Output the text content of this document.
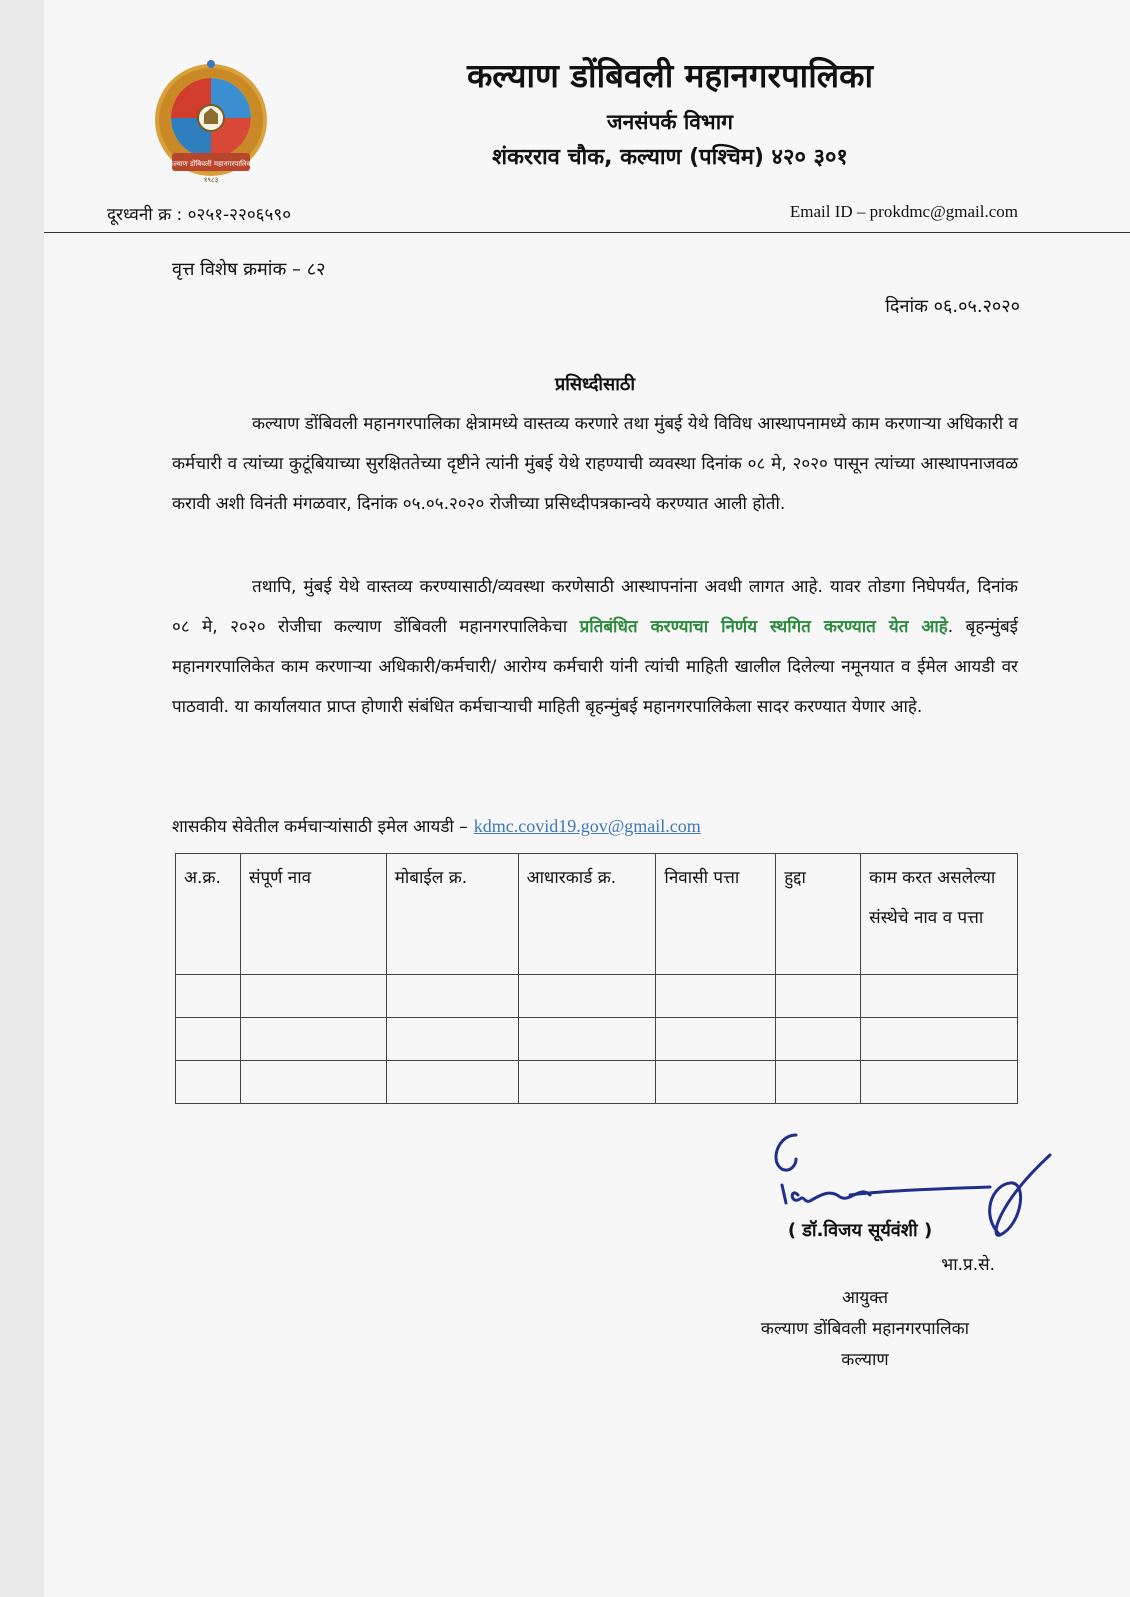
कल्याण डोंबिवली महानगरपालिका
१९८३
कल्याण डोंबिवली महानगरपालिका
जनसंपर्क विभाग
शंकरराव चौक, कल्याण (पश्चिम) ४२० ३०१
दूरध्वनी क्र : ०२५१-२२०६५९०	Email ID – prokdmc@gmail.com
वृत्त विशेष क्रमांक – ८२
दिनांक ०६.०५.२०२०
प्रसिध्दीसाठी
कल्याण डोंबिवली महानगरपालिका क्षेत्रामध्ये वास्तव्य करणारे तथा मुंबई येथे विविध आस्थापनामध्ये काम करणाऱ्या अधिकारी व कर्मचारी व त्यांच्या कुटूंबियाच्या सुरक्षिततेच्या दृष्टीने त्यांनी मुंबई येथे राहण्याची व्यवस्था दिनांक ०८ मे, २०२० पासून त्यांच्या आस्थापनाजवळ करावी अशी विनंती मंगळवार, दिनांक ०५.०५.२०२० रोजीच्या प्रसिध्दीपत्रकान्वये करण्यात आली होती.
तथापि, मुंबई येथे वास्तव्य करण्यासाठी/व्यवस्था करणेसाठी आस्थापनांना अवधी लागत आहे. यावर तोडगा निघेपर्यंत, दिनांक ०८ मे, २०२० रोजीचा कल्याण डोंबिवली महानगरपालिकेचा प्रतिबंधित करण्याचा निर्णय स्थगित करण्यात येत आहे. बृहन्मुंबई महानगरपालिकेत काम करणाऱ्या अधिकारी/कर्मचारी/ आरोग्य कर्मचारी यांनी त्यांची माहिती खालील दिलेल्या नमूनयात व ईमेल आयडी वर पाठवावी. या कार्यालयात प्राप्त होणारी संबंधित कर्मचाऱ्याची माहिती बृहन्मुंबई महानगरपालिकेला सादर करण्यात येणार आहे.
शासकीय सेवेतील कर्मचाऱ्यांसाठी इमेल आयडी – kdmc.covid19.gov@gmail.com
अ.क्र.	संपूर्ण नाव	मोबाईल क्र.	आधारकार्ड क्र.	निवासी पत्ता	हुद्दा	काम करत असलेल्या संस्थेचे नाव व पत्ता

( डॉ.विजय सूर्यवंशी )
भा.प्र.से.
आयुक्त
कल्याण डोंबिवली महानगरपालिका
कल्याण
